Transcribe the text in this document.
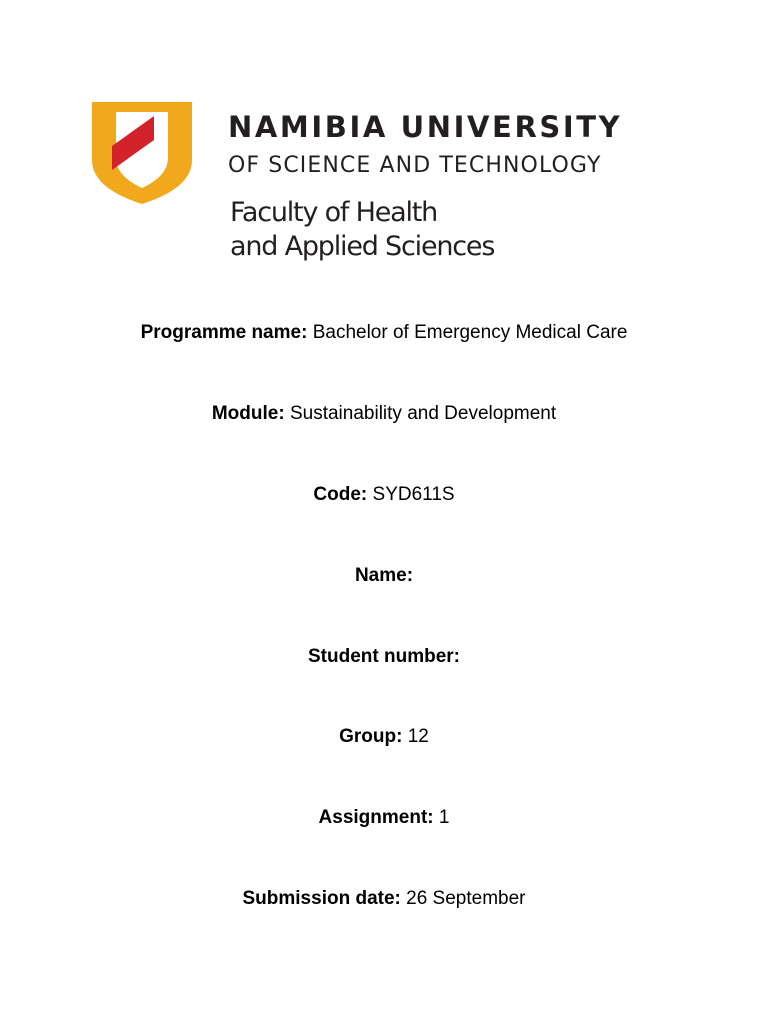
NAMIBIA UNIVERSITY
OF SCIENCE AND TECHNOLOGY
Faculty of Health
and Applied Sciences
Programme name: Bachelor of Emergency Medical Care
Module: Sustainability and Development
Code: SYD611S
Name:
Student number:
Group: 12
Assignment: 1
Submission date: 26 September
